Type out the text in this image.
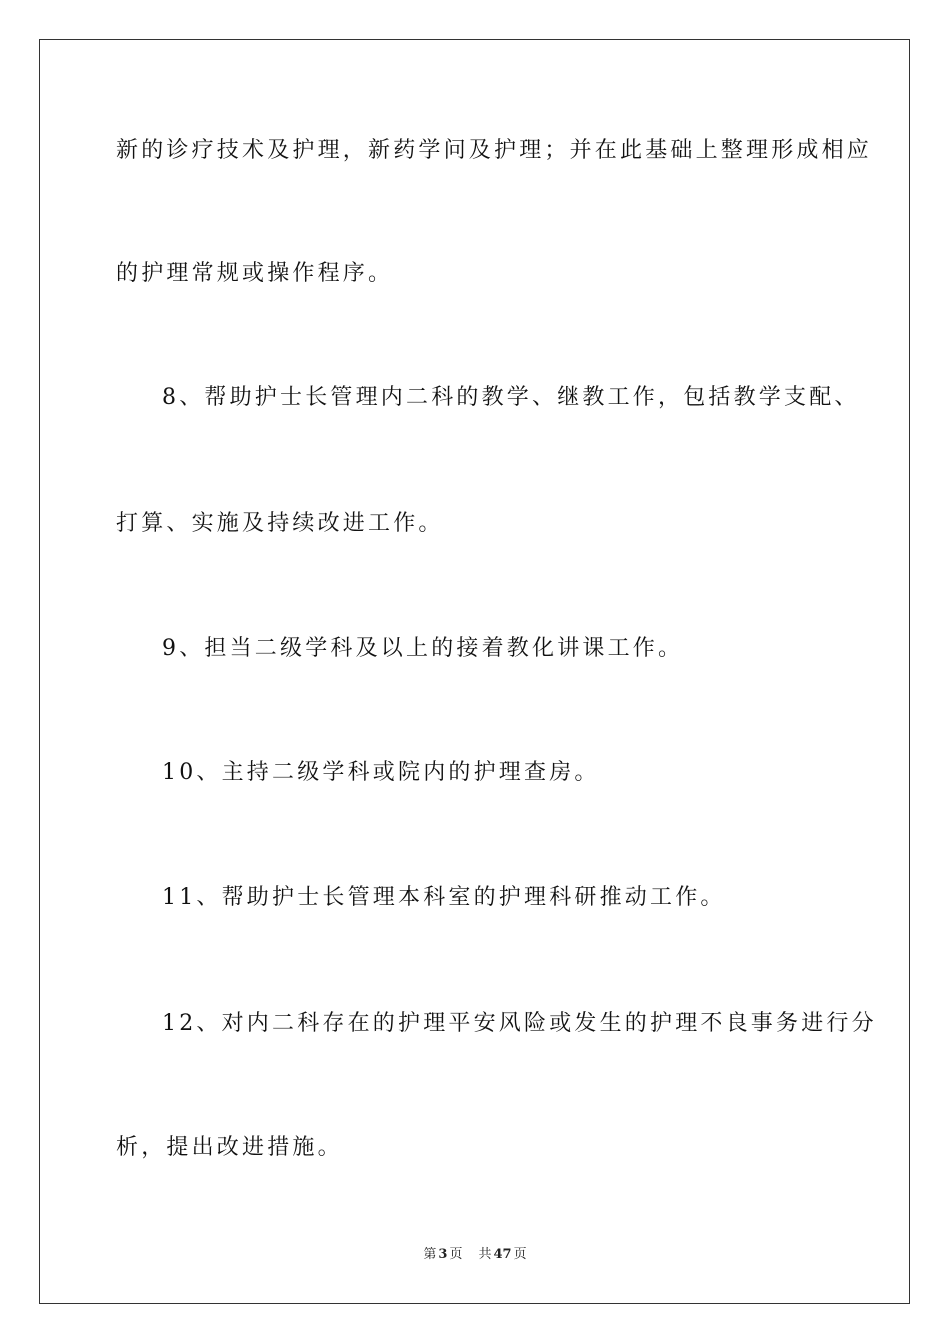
新的诊疗技术及护理，新药学问及护理；并在此基础上整理形成相应
的护理常规或操作程序。
8、帮助护士长管理内二科的教学、继教工作，包括教学支配、
打算、实施及持续改进工作。
9、担当二级学科及以上的接着教化讲课工作。
10、主持二级学科或院内的护理查房。
11、帮助护士长管理本科室的护理科研推动工作。
12、对内二科存在的护理平安风险或发生的护理不良事务进行分
析，提出改进措施。
第 3 页 共 47 页
